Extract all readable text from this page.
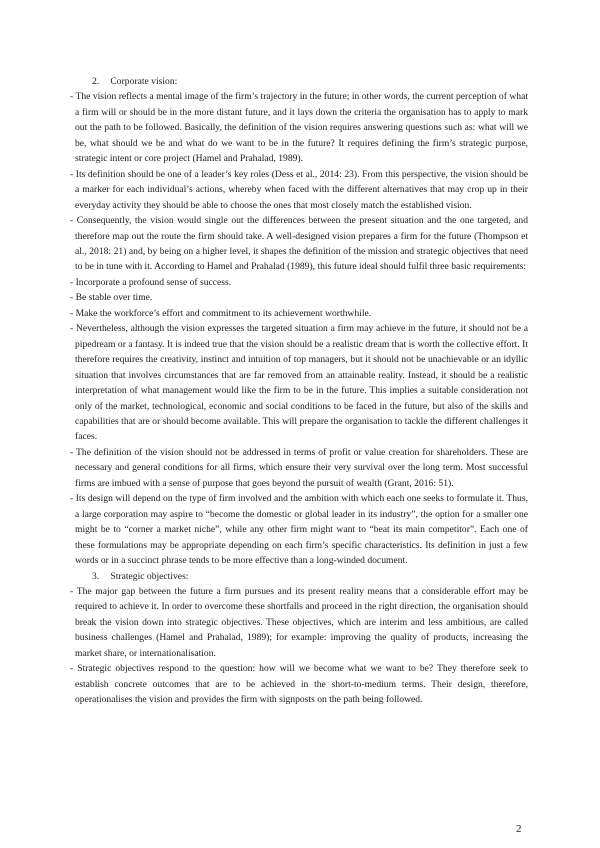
2. Corporate vision:

- The vision reflects a mental image of the firm’s trajectory in the future; in other words, the current perception of what a firm will or should be in the more distant future, and it lays down the criteria the organisation has to apply to mark out the path to be followed. Basically, the definition of the vision requires answering questions such as: what will we be, what should we be and what do we want to be in the future? It requires defining the firm’s strategic purpose, strategic intent or core project (Hamel and Prahalad, 1989).

- Its definition should be one of a leader’s key roles (Dess et al., 2014: 23). From this perspective, the vision should be a marker for each individual’s actions, whereby when faced with the different alternatives that may crop up in their everyday activity they should be able to choose the ones that most closely match the established vision.

- Consequently, the vision would single out the differences between the present situation and the one targeted, and therefore map out the route the firm should take. A well-designed vision prepares a firm for the future (Thompson et al., 2018: 21) and, by being on a higher level, it shapes the definition of the mission and strategic objectives that need to be in tune with it. According to Hamel and Prahalad (1989), this future ideal should fulfil three basic requirements:

- Incorporate a profound sense of success.

- Be stable over time.

- Make the workforce’s effort and commitment to its achievement worthwhile.

- Nevertheless, although the vision expresses the targeted situation a firm may achieve in the future, it should not be a pipedream or a fantasy. It is indeed true that the vision should be a realistic dream that is worth the collective effort. It therefore requires the creativity, instinct and intuition of top managers, but it should not be unachievable or an idyllic situation that involves circumstances that are far removed from an attainable reality. Instead, it should be a realistic interpretation of what management would like the firm to be in the future. This implies a suitable consideration not only of the market, technological, economic and social conditions to be faced in the future, but also of the skills and capabilities that are or should become available. This will prepare the organisation to tackle the different challenges it faces.

- The definition of the vision should not be addressed in terms of profit or value creation for shareholders. These are necessary and general conditions for all firms, which ensure their very survival over the long term. Most successful firms are imbued with a sense of purpose that goes beyond the pursuit of wealth (Grant, 2016: 51).

- Its design will depend on the type of firm involved and the ambition with which each one seeks to formulate it. Thus, a large corporation may aspire to “become the domestic or global leader in its industry”, the option for a smaller one might be to “corner a market niche”, while any other firm might want to “beat its main competitor”. Each one of these formulations may be appropriate depending on each firm’s specific characteristics. Its definition in just a few words or in a succinct phrase tends to be more effective than a long-winded document.

3. Strategic objectives:

- The major gap between the future a firm pursues and its present reality means that a considerable effort may be required to achieve it. In order to overcome these shortfalls and proceed in the right direction, the organisation should break the vision down into strategic objectives. These objectives, which are interim and less ambitious, are called business challenges (Hamel and Prahalad, 1989); for example: improving the quality of products, increasing the market share, or internationalisation.

- Strategic objectives respond to the question: how will we become what we want to be? They therefore seek to establish concrete outcomes that are to be achieved in the short-to-medium terms. Their design, therefore, operationalises the vision and provides the firm with signposts on the path being followed.

2
